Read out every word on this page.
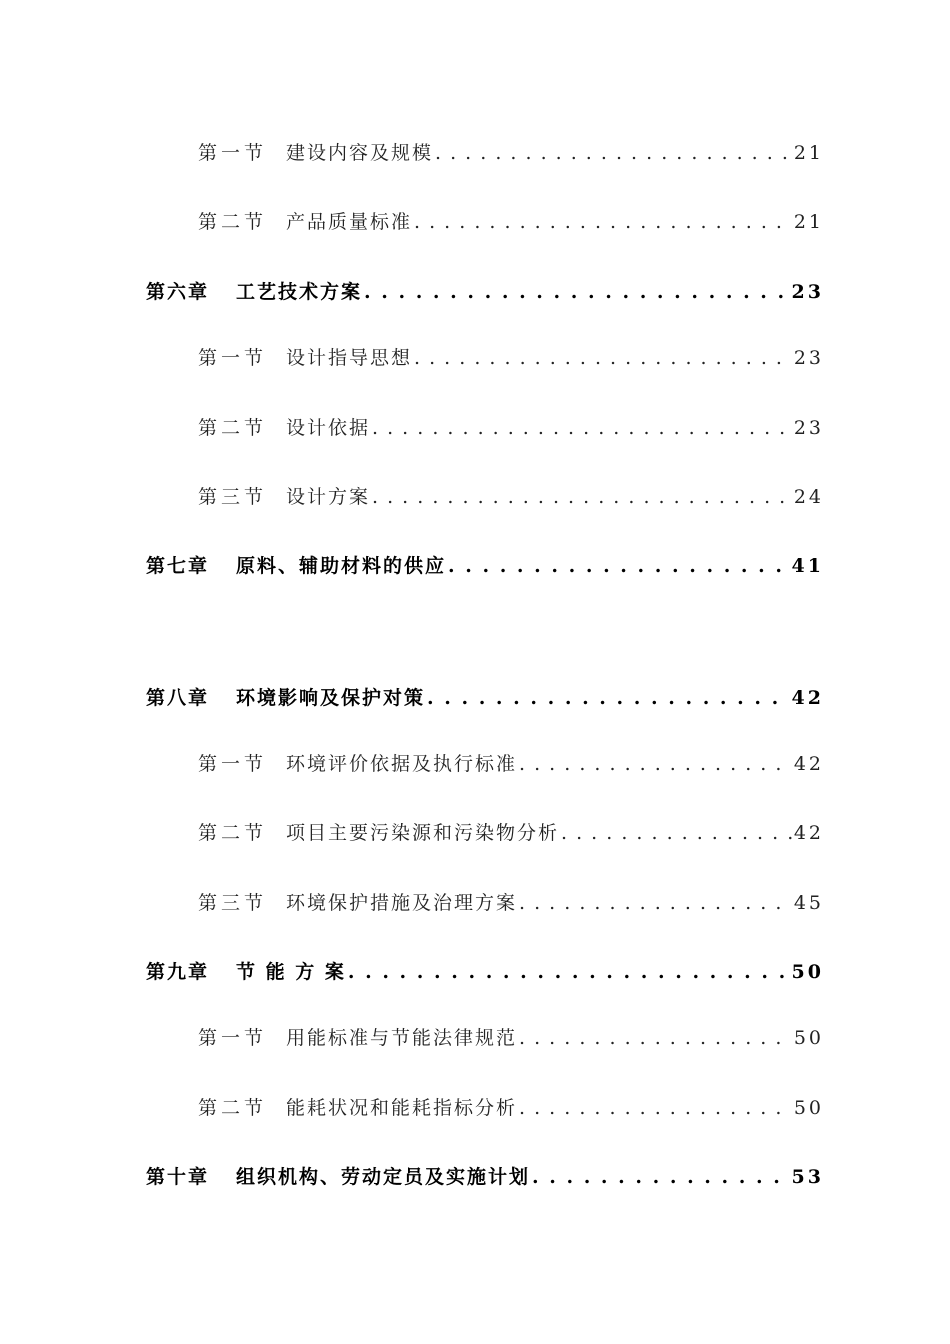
第一节 建设内容及规模 . . .	21
第二节 产品质量标准 . . .	21
第六章	工艺技术方案 . . .	23
第一节 设计指导思想 . . .	23
第二节 设计依据 . . .	23
第三节 设计方案 . . .	24
第七章	原料、辅助材料的供应 . . .	41
第八章	环境影响及保护对策 . . .	42
第一节 环境评价依据及执行标准 . . .	42
第二节 项目主要污染源和污染物分析 . . .	42
第三节 环境保护措施及治理方案 . . .	45
第九章	节 能 方 案 . . .	50
第一节 用能标准与节能法律规范 . . .	50
第二节 能耗状况和能耗指标分析 . . .	50
第十章	组织机构、劳动定员及实施计划 . . .	53
